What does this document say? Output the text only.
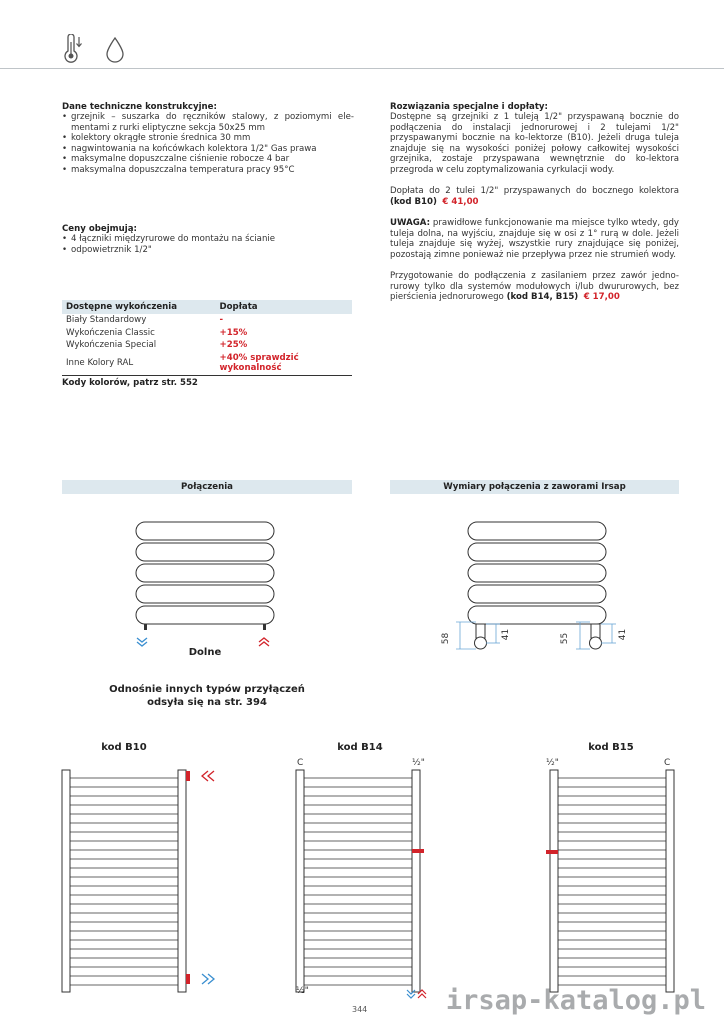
Dane techniczne konstrukcyjne:
• grzejnik – suszarka do ręczników stalowy, z poziomymi ele-mentami z rurki eliptyczne sekcja 50x25 mm
• kolektory okrągłe stronie średnica 30 mm
• nagwintowania na końcówkach kolektora 1/2" Gas prawa
• maksymalne dopuszczalne ciśnienie robocze 4 bar
• maksymalna dopuszczalna temperatura pracy 95°C
Ceny obejmują:
• 4 łączniki międzyrurowe do montażu na ścianie
• odpowietrznik 1/2"
Dostępne wykończenia	Dopłata
Biały Standardowy	-
Wykończenia Classic	+15%
Wykończenia Special	+25%
Inne Kolory RAL	+40% sprawdzić wykonalność
Kody kolorów, patrz str. 552
Rozwiązania specjalne i dopłaty:
Dostępne są grzejniki z 1 tuleją 1/2" przyspawaną bocznie do podłączenia do instalacji jednorurowej i 2 tulejami 1/2" przyspawanymi bocznie na ko-lektorze (B10). Jeżeli druga tuleja znajduje się na wysokości poniżej połowy całkowitej wysokości grzejnika, zostaje przyspawana wewnętrznie do ko-lektora przegroda w celu zoptymalizowania cyrkulacji wody.
Dopłata do 2 tulei 1/2" przyspawanych do bocznego kolektora (kod B10) € 41,00
UWAGA: prawidłowe funkcjonowanie ma miejsce tylko wtedy, gdy tuleja dolna, na wyjściu, znajduje się w osi z 1° rurą w dole. Jeżeli tuleja znajduje się wyżej, wszystkie rury znajdujące się poniżej, pozostają zimne ponieważ nie przepływa przez nie strumień wody.
Przygotowanie do podłączenia z zasilaniem przez zawór jedno-rurowy tylko dla systemów modułowych i/lub dwururowych, bez pierścienia jednorurowego (kod B14, B15) € 17,00
Połączenia	Wymiary połączenia z zaworami Irsap
Dolne
Odnośnie innych typów przyłączeń
odsyła się na str. 394
58	41	55	41
kod B10	kod B14	kod B15
C	½"
½"
½"	C
344	irsap-katalog.pl
